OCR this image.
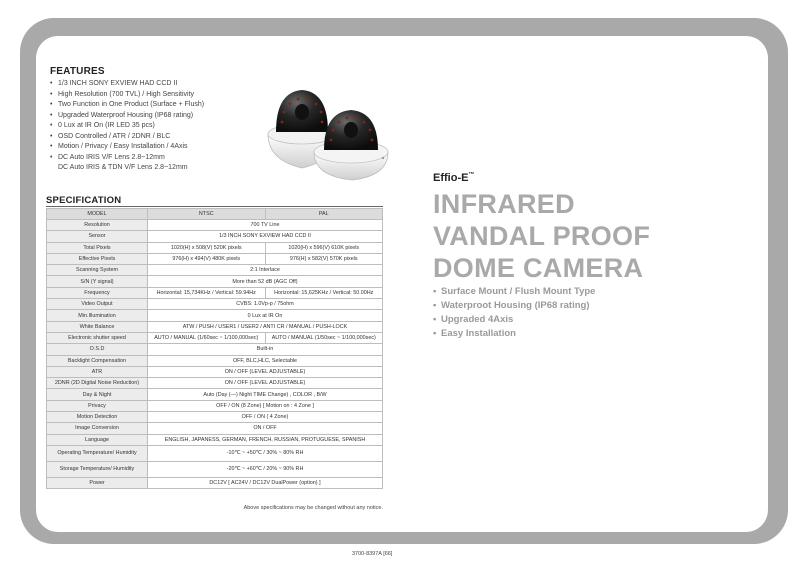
FEATURES
• 1/3 INCH SONY EXVIEW HAD CCD II
• High Resolution (700 TVL) / High Sensitivity
• Two Function in One Product (Surface + Flush)
• Upgraded Waterproof Housing (IP68 rating)
• 0 Lux at IR On (IR LED 35 pcs)
• OSD Controlled / ATR / 2DNR / BLC
• Motion / Privacy / Easy Installation / 4Axis
• DC Auto IRIS V/F Lens 2.8~12mm
DC Auto IRIS & TDN V/F Lens 2.8~12mm
SPECIFICATION
MODEL	NTSC	PAL
Resolution	700 TV Line	
Sensor	1/3 INCH SONY EXVIEW HAD CCD II	
Total Pixels	1020(H) x 508(V) 520K pixels	1020(H) x 596(V) 610K pixels
Effective Pixels	976(H) x 494(V) 480K pixels	976(H) x 582(V) 570K pixels
Scanning System	2:1 Interlace	
S/N (Y signal)	More than 52 dB (AGC Off)	
Frequency	Horizontal: 15,734KHz / Vertical: 59.94Hz	Horizontal: 15,625KHz / Vertical: 50.00Hz
Video Output	CVBS: 1.0Vp-p / 75ohm	
Min.Illumination	0 Lux at IR On	
White Balance	ATW / PUSH / USER1 / USER2 / ANTI CR / MANUAL / PUSH-LOCK	
Electronic shutter speed	AUTO / MANUAL (1/60sec ~ 1/100,000sec)	AUTO / MANUAL (1/50sec ~ 1/100,000sec)
O.S.D	Built-in	
Backlight Compensation	OFF, BLC,HLC, Selectable	
ATR	ON / OFF (LEVEL ADJUSTABLE)	
2DNR (2D Digital Noise Reduction)	ON / OFF (LEVEL ADJUSTABLE)	
Day & Night	Auto (Day (—) Night TIME Change) , COLOR , B/W	
Privacy	OFF / ON (8 Zone) [ Motion on : 4 Zone ]	
Motion Detection	OFF / ON ( 4 Zone)	
Image Conversion	ON / OFF	
Language	ENGLISH, JAPANESS, GERMAN, FRENCH, RUSSIAN, PROTUGUESE, SPANISH	
Operating Temperature/ Humidity	-10℃ ~ +50℃ / 30% ~ 80% RH	
Storage Temperature/ Humidity	-20℃ ~ +60℃ / 20% ~ 90% RH	
Power	DC12V [ AC24V / DC12V DualPower (option) ]	
Above specifications may be changed without any notice.
Effio-E™
INFRARED
VANDAL PROOF
DOME CAMERA
• Surface Mount / Flush Mount Type
• Waterproot Housing (IP68 rating)
• Upgraded 4Axis
• Easy Installation
3700-8397A [66]
